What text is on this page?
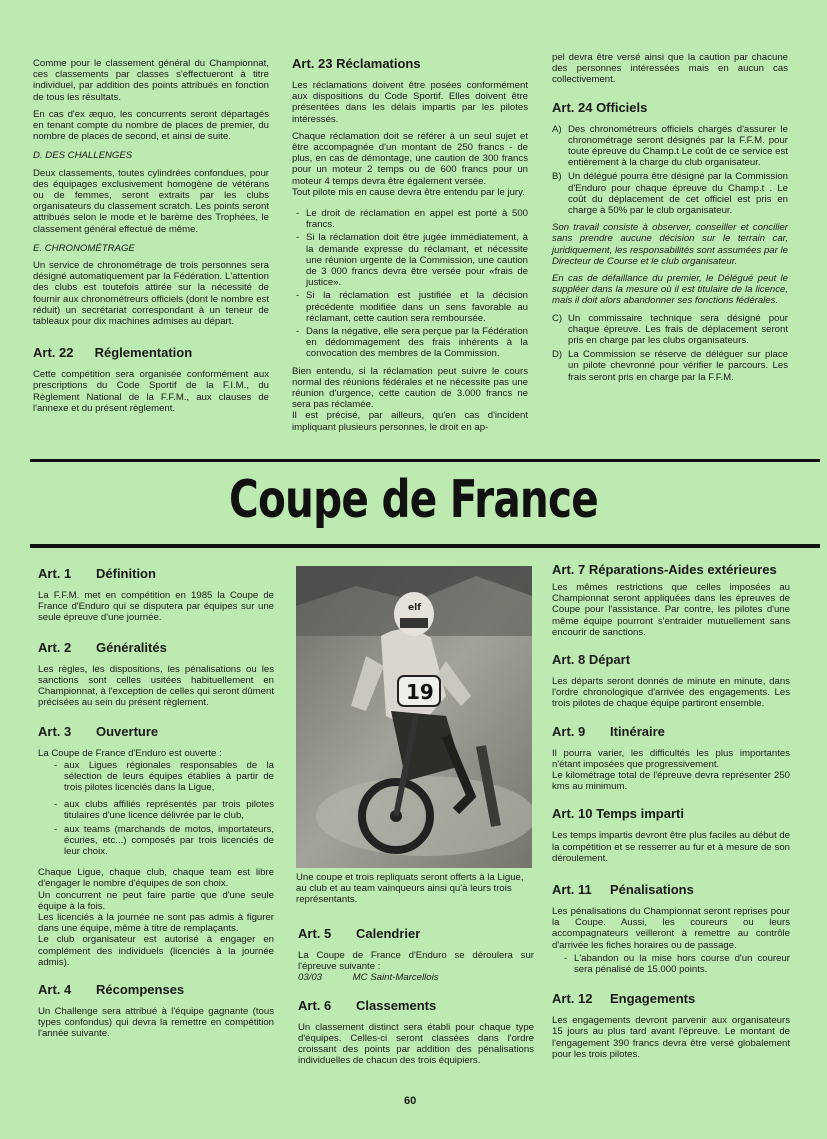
Comme pour le classement général du Championnat, ces classements par classes s'effectueront à titre individuel, par addition des points attribués en fonction de tous les résultats.

En cas d'ex æquo, les concurrents seront départagés en tenant compte du nombre de places de premier, du nombre de places de second, et ainsi de suite.

D. DES CHALLENGES

Deux classements, toutes cylindrées confondues, pour des équipages exclusivement homogène de vétérans ou de femmes, seront extraits par les clubs organisateurs du classement scratch. Les points seront attribués selon le mode et le barème des Trophées, le classement général effectué de même.

E. CHRONOMÉTRAGE

Un service de chronométrage de trois personnes sera désigné automatiquement par la Fédération. L'attention des clubs est toutefois attirée sur la nécessité de fournir aux chronométreurs officiels (dont le nombre est réduit) un secrétariat correspondant à un teneur de tableaux pour dix machines admises au départ.

Art. 22 Réglementation

Cette compétition sera organisée conformément aux prescriptions du Code Sportif de la F.I.M., du Règlement National de la F.F.M., aux clauses de l'annexe et du présent règlement.

Art. 23 Réclamations

Les réclamations doivent être posées conformément aux dispositions du Code Sportif. Elles doivent être présentées dans les délais impartis par les pilotes intéressés.

Chaque réclamation doit se référer à un seul sujet et être accompagnée d'un montant de 250 francs - de plus, en cas de démontage, une caution de 300 francs pour un moteur 2 temps ou de 600 francs pour un moteur 4 temps devra être également versée.

Tout pilote mis en cause devra être entendu par le jury.

- Le droit de réclamation en appel est porté à 500 francs.
- Si la réclamation doit être jugée immédiatement, à la demande expresse du réclamant, et nécessite une réunion urgente de la Commission, une caution de 3 000 francs devra être versée pour «frais de justice».
- Si la réclamation est justifiée et la décision précédente modifiée dans un sens favorable au réclamant, cette caution sera remboursée.
- Dans la négative, elle sera perçue par la Fédération en dédommagement des frais inhérents à la convocation des membres de la Commission.

Bien entendu, si la réclamation peut suivre le cours normal des réunions fédérales et ne nécessite pas une réunion d'urgence, cette caution de 3.000 francs ne sera pas réclamée.

Il est précisé, par ailleurs, qu'en cas d'incident impliquant plusieurs personnes, le droit en ap-

pel devra être versé ainsi que la caution par chacune des personnes intéressées mais en aucun cas collectivement.

Art. 24 Officiels
A) Des chronométreurs officiels chargés d'assurer le chronométrage seront désignés par la F.F.M. pour toute épreuve du Champ.t Le coût de ce service est entièrement à la charge du club organisateur.
B) Un délégué pourra être désigné par la Commission d'Enduro pour chaque épreuve du Champ.t . Le coût du déplacement de cet officiel est pris en charge à 50% par le club organisateur.

Son travail consiste à observer, conseiller et concilier sans prendre aucune décision sur le terrain car, juridiquement, les responsabilités sont assumées par le Directeur de Course et le club organisateur.

En cas de défaillance du premier, le Délégué peut le suppléer dans la mesure où il est titulaire de la licence, mais il doit alors abandonner ses fonctions fédérales.

C) Un commissaire technique sera désigné pour chaque épreuve. Les frais de déplacement seront pris en charge par les clubs organisateurs.
D) La Commission se réserve de déléguer sur place un pilote chevronné pour vérifier le parcours. Les frais seront pris en charge par la F.F.M.
Coupe de France
Art. 1 Définition

La F.F.M. met en compétition en 1985 la Coupe de France d'Enduro qui se disputera par équipes sur une seule épreuve d'une journée.

Art. 2 Généralités

Les règles, les dispositions, les pénalisations ou les sanctions sont celles usitées habituellement en Championnat, à l'exception de celles qui seront dûment précisées au sein du présent règlement.

Art. 3 Ouverture

La Coupe de France d'Enduro est ouverte :

- aux Ligues régionales responsables de la sélection de leurs équipes établies à partir de trois pilotes licenciés dans la Ligue,
- aux clubs affiliés représentés par trois pilotes titulaires d'une licence délivrée par le club,
- aux teams (marchands de motos, importateurs, écuries, etc...) composés par trois licenciés de leur choix.

Chaque Ligue, chaque club, chaque team est libre d'engager le nombre d'équipes de son choix.

Un concurrent ne peut faire partie que d'une seule équipe à la fois.

Les licenciés à la journée ne sont pas admis à figurer dans une équipe, même à titre de remplaçants.

Le club organisateur est autorisé à engager en complément des individuels (licenciés à la journée admis).

Art. 4 Récompenses

Un Challenge sera attribué à l'équipe gagnante (tous types confondus) qui devra la remettre en compétition l'année suivante.

elf
19
Une coupe et trois repliquats seront offerts à la Ligue, au club et au team vainqueurs ainsi qu'à leurs trois représentants.
Art. 5 Calendrier

La Coupe de France d'Enduro se déroulera sur l'épreuve suivante :

03/03	MC Saint-Marcellois
Art. 6 Classements

Un classement distinct sera établi pour chaque type d'équipes. Celles-ci seront classées dans l'ordre croissant des points par addition des pénalisations individuelles de chacun des trois équipiers.

Art. 7 Réparations-Aides extérieures

Les mêmes restrictions que celles imposées au Championnat seront appliquées dans les épreuves de Coupe pour l'assistance. Par contre, les pilotes d'une même équipe pourront s'entraider mutuellement sans encourir de sanctions.

Art. 8 Départ

Les départs seront donnés de minute en minute, dans l'ordre chronologique d'arrivée des engagements. Les trois pilotes de chaque équipe partiront ensemble.

Art. 9 Itinéraire

Il pourra varier, les difficultés les plus importantes n'étant imposées que progressivement.

Le kilométrage total de l'épreuve devra représenter 250 kms au minimum.

Art. 10 Temps imparti

Les temps impartis devront être plus faciles au début de la compétition et se resserrer au fur et à mesure de son déroulement.

Art. 11 Pénalisations

Les pénalisations du Championnat seront reprises pour la Coupe. Aussi, les coureurs ou leurs accompagnateurs veilleront à remettre au contrôle d'arrivée les fiches horaires ou de passage.

- L'abandon ou la mise hors course d'un coureur sera pénalisé de 15.000 points.
Art. 12 Engagements

Les engagements devront parvenir aux organisateurs 15 jours au plus tard avant l'épreuve. Le montant de l'engagement 390 francs devra être versé globalement pour les trois pilotes.

60
